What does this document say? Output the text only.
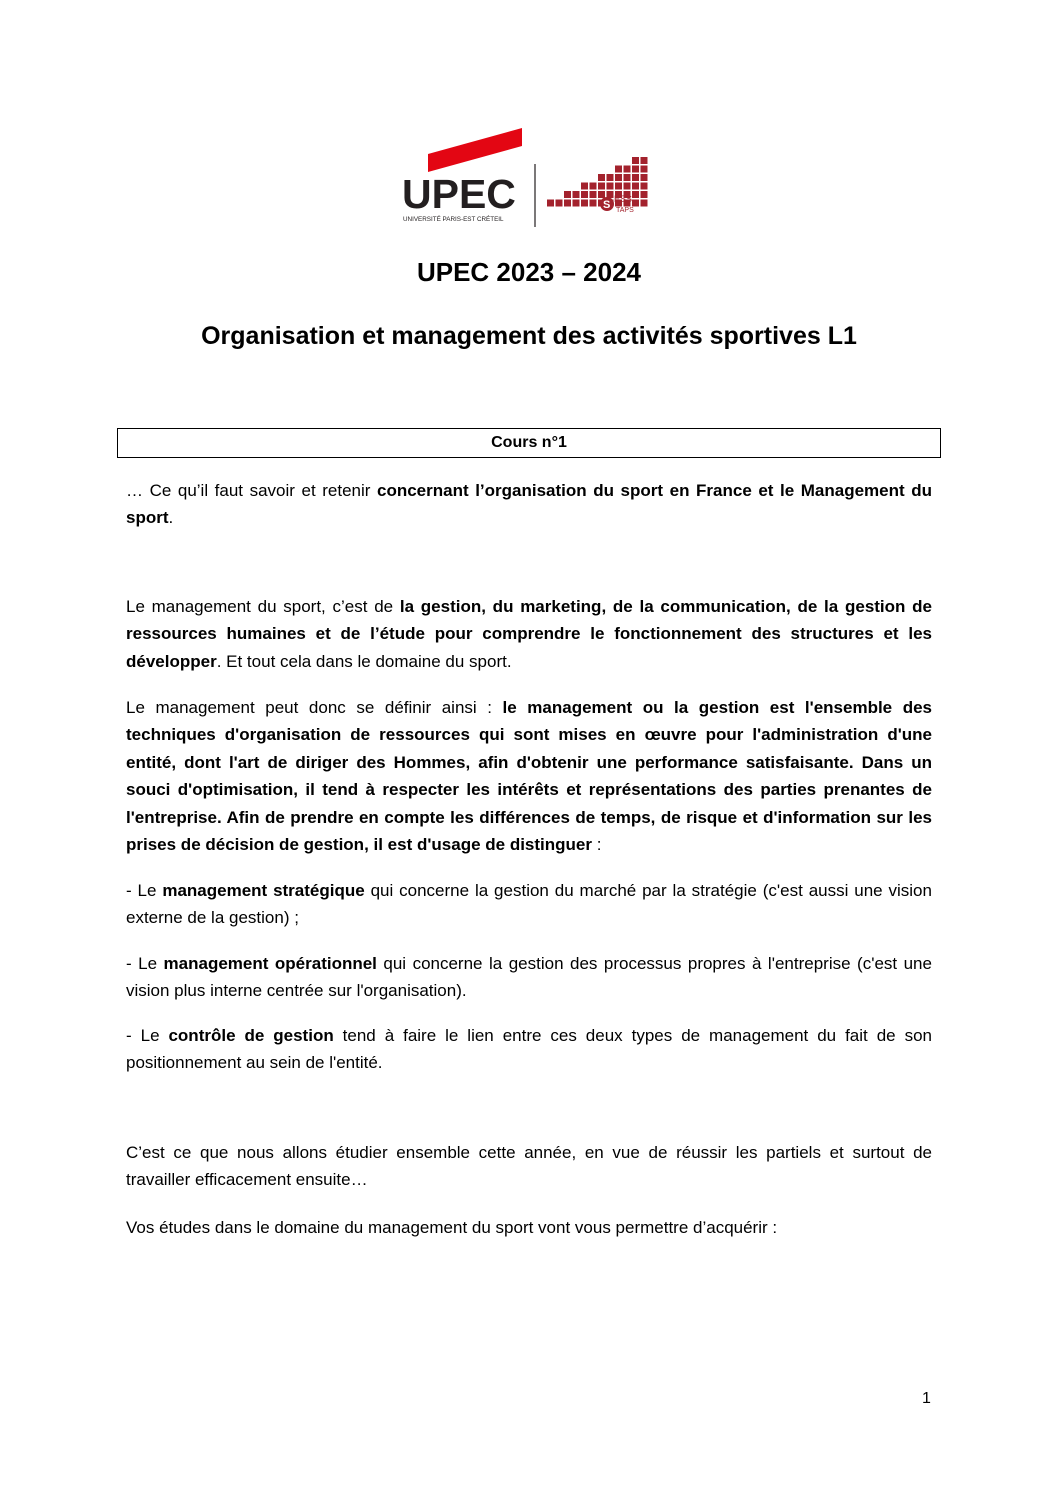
UPEC
UNIVERSITÉ PARIS-EST CRÉTEIL
S ESS
TAPS
UPEC 2023 – 2024
Organisation et management des activités sportives L1
Cours n°1

… Ce qu’il faut savoir et retenir concernant l’organisation du sport en France et le Management du sport.

Le management du sport, c’est de la gestion, du marketing, de la communication, de la gestion de ressources humaines et de l’étude pour comprendre le fonctionnement des structures et les développer. Et tout cela dans le domaine du sport.

Le management peut donc se définir ainsi : le management ou la gestion est l'ensemble des techniques d'organisation de ressources qui sont mises en œuvre pour l'administration d'une entité, dont l'art de diriger des Hommes, afin d'obtenir une performance satisfaisante. Dans un souci d'optimisation, il tend à respecter les intérêts et représentations des parties prenantes de l'entreprise. Afin de prendre en compte les différences de temps, de risque et d'information sur les prises de décision de gestion, il est d'usage de distinguer :

- Le management stratégique qui concerne la gestion du marché par la stratégie (c'est aussi une vision externe de la gestion) ;

- Le management opérationnel qui concerne la gestion des processus propres à l'entreprise (c'est une vision plus interne centrée sur l'organisation).

- Le contrôle de gestion tend à faire le lien entre ces deux types de management du fait de son positionnement au sein de l'entité.

C’est ce que nous allons étudier ensemble cette année, en vue de réussir les partiels et surtout de travailler efficacement ensuite…

Vos études dans le domaine du management du sport vont vous permettre d’acquérir :

1
